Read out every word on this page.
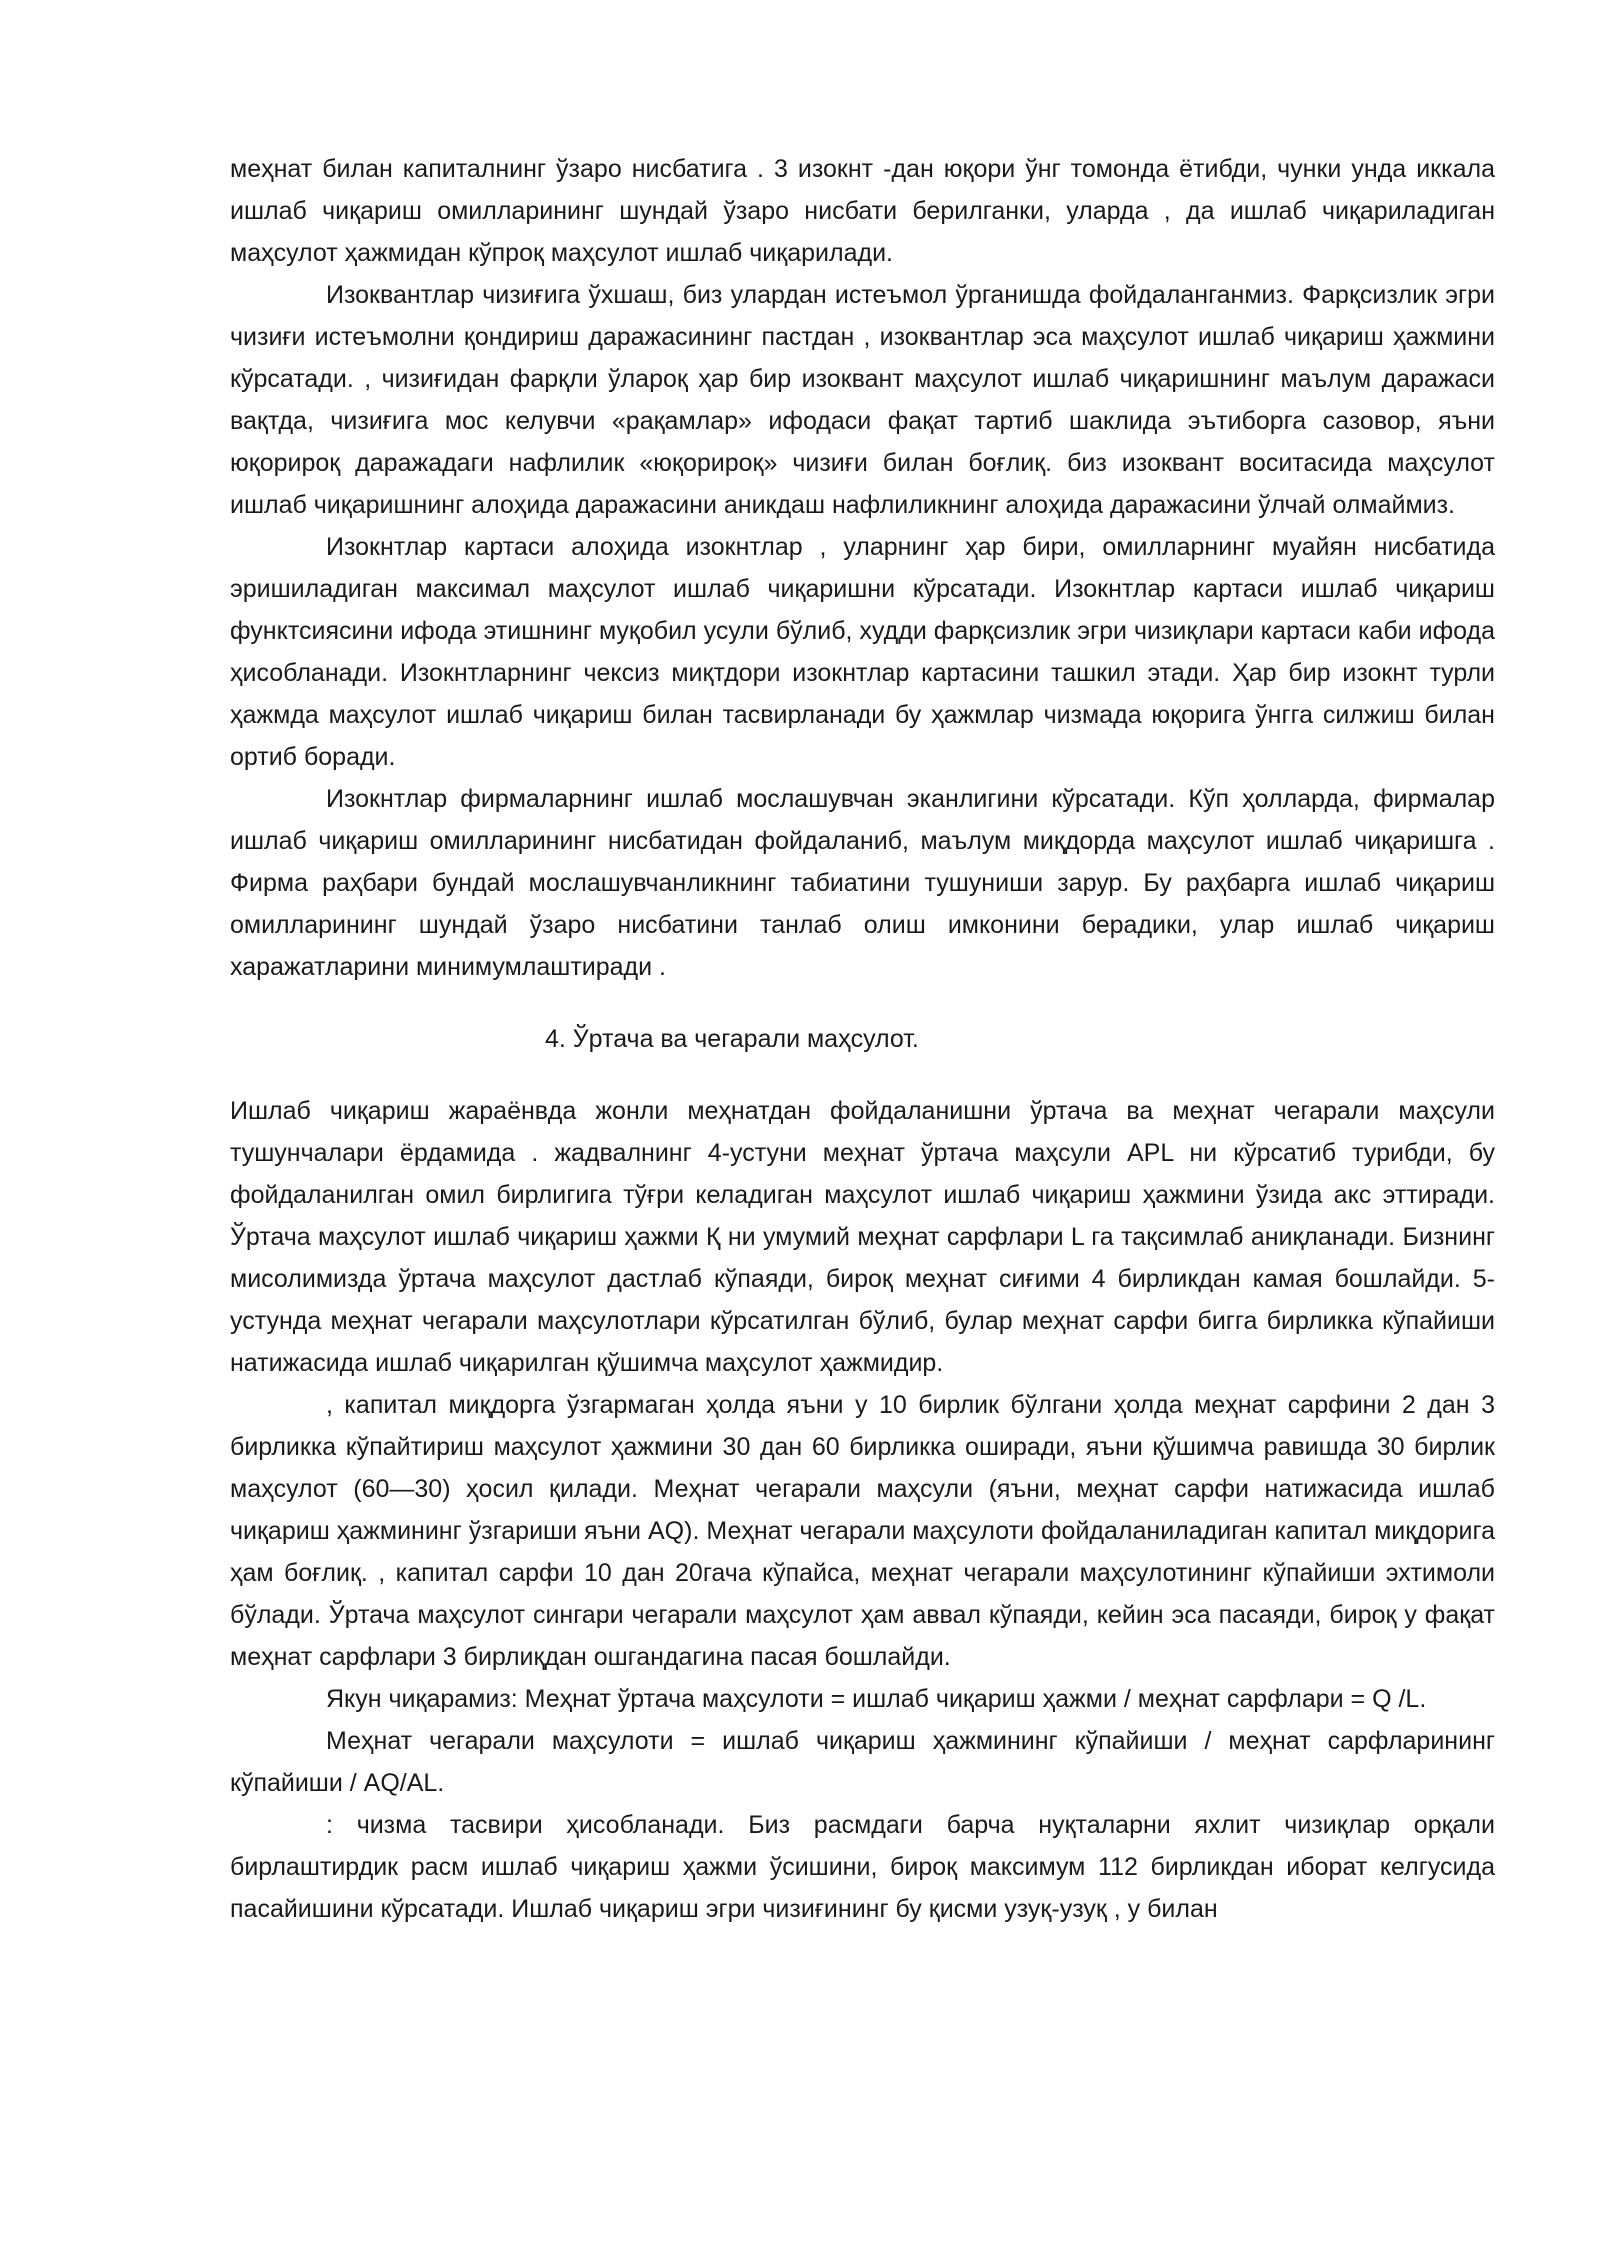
меҳнат билан капиталнинг ўзаро нисбатига . 3 изокнт -дан юқори ўнг томонда ётибди, чунки унда иккала ишлаб чиқариш омилларининг шундай ўзаро нисбати берилганки, уларда , да ишлаб чиқариладиган маҳсулот ҳажмидан кўпроқ маҳсулот ишлаб чиқарилади.

Изоквантлар чизиғига ўхшаш, биз улардан истеъмол ўрганишда фойдаланганмиз. Фарқсизлик эгри чизиғи истеъмолни қондириш даражасининг пастдан , изоквантлар эса маҳсулот ишлаб чиқариш ҳажмини кўрсатади. , чизиғидан фарқли ўлароқ ҳар бир изоквант маҳсулот ишлаб чиқаришнинг маълум даражаси вақтда, чизиғига мос келувчи «рақамлар» ифодаси фақат тартиб шаклида эътиборга сазовор, яъни юқорироқ даражадаги нафлилик «юқорироқ» чизиғи билан боғлиқ. биз изоквант воситасида маҳсулот ишлаб чиқаришнинг алоҳида даражасини аникдаш нафлиликнинг алоҳида даражасини ўлчай олмаймиз.

Изокнтлар картаси алоҳида изокнтлар , уларнинг ҳар бири, омилларнинг муайян нисбатида эришиладиган максимал маҳсулот ишлаб чиқаришни кўрсатади. Изокнтлар картаси ишлаб чиқариш функтсиясини ифода этишнинг муқобил усули бўлиб, худди фарқсизлик эгри чизиқлари картаси каби ифода ҳисобланади. Изокнтларнинг чексиз миқтдори изокнтлар картасини ташкил этади. Ҳар бир изокнт турли ҳажмда маҳсулот ишлаб чиқариш билан тасвирланади бу ҳажмлар чизмада юқорига ўнгга силжиш билан ортиб боради.

Изокнтлар фирмаларнинг ишлаб мослашувчан эканлигини кўрсатади. Кўп ҳолларда, фирмалар ишлаб чиқариш омилларининг нисбатидан фойдаланиб, маълум миқдорда маҳсулот ишлаб чиқаришга . Фирма раҳбари бундай мослашувчанликнинг табиатини тушуниши зарур. Бу раҳбарга ишлаб чиқариш омилларининг шундай ўзаро нисбатини танлаб олиш имконини берадики, улар ишлаб чиқариш харажатларини минимумлаштиради .

4. Ўртача ва чегарали маҳсулот.

Ишлаб чиқариш жараёнвда жонли меҳнатдан фойдаланишни ўртача ва меҳнат чегарали маҳсули тушунчалари ёрдамида . жадвалнинг 4-устуни меҳнат ўртача маҳсули APL ни кўрсатиб турибди, бу фойдаланилган омил бирлигига тўғри келадиган маҳсулот ишлаб чиқариш ҳажмини ўзида акс эттиради. Ўртача маҳсулот ишлаб чиқариш ҳажми Қ ни умумий меҳнат сарфлари L га тақсимлаб аниқланади. Бизнинг мисолимизда ўртача маҳсулот дастлаб кўпаяди, бироқ меҳнат сиғими 4 бирликдан камая бошлайди. 5- устунда меҳнат чегарали маҳсулотлари кўрсатилган бўлиб, булар меҳнат сарфи бигга бирликка кўпайиши натижасида ишлаб чиқарилган қўшимча маҳсулот ҳажмидир.

, капитал миқдорга ўзгармаган ҳолда яъни у 10 бирлик бўлгани ҳолда меҳнат сарфини 2 дан 3 бирликка кўпайтириш маҳсулот ҳажмини 30 дан 60 бирликка оширади, яъни қўшимча равишда 30 бирлик маҳсулот (60—30) ҳосил қилади. Меҳнат чегарали маҳсули (яъни, меҳнат сарфи натижасида ишлаб чиқариш ҳажмининг ўзгариши яъни AQ). Меҳнат чегарали маҳсулоти фойдаланиладиган капитал миқдорига ҳам боғлиқ. , капитал сарфи 10 дан 20гача кўпайса, меҳнат чегарали маҳсулотининг кўпайиши эхтимоли бўлади. Ўртача маҳсулот сингари чегарали маҳсулот ҳам аввал кўпаяди, кейин эса пасаяди, бироқ у фақат меҳнат сарфлари 3 бирлиқдан ошгандагина пасая бошлайди.

Якун чиқарамиз: Меҳнат ўртача маҳсулоти = ишлаб чиқариш ҳажми / меҳнат сарфлари = Q /L.

Меҳнат чегарали маҳсулоти = ишлаб чиқариш ҳажмининг кўпайиши / меҳнат сарфларининг кўпайиши / AQ/AL.

: чизма тасвири ҳисобланади. Биз расмдаги барча нуқталарни яхлит чизиқлар орқали бирлаштирдик расм ишлаб чиқариш ҳажми ўсишини, бироқ максимум 112 бирликдан иборат келгусида пасайишини кўрсатади. Ишлаб чиқариш эгри чизиғининг бу қисми узуқ-узуқ , у билан
